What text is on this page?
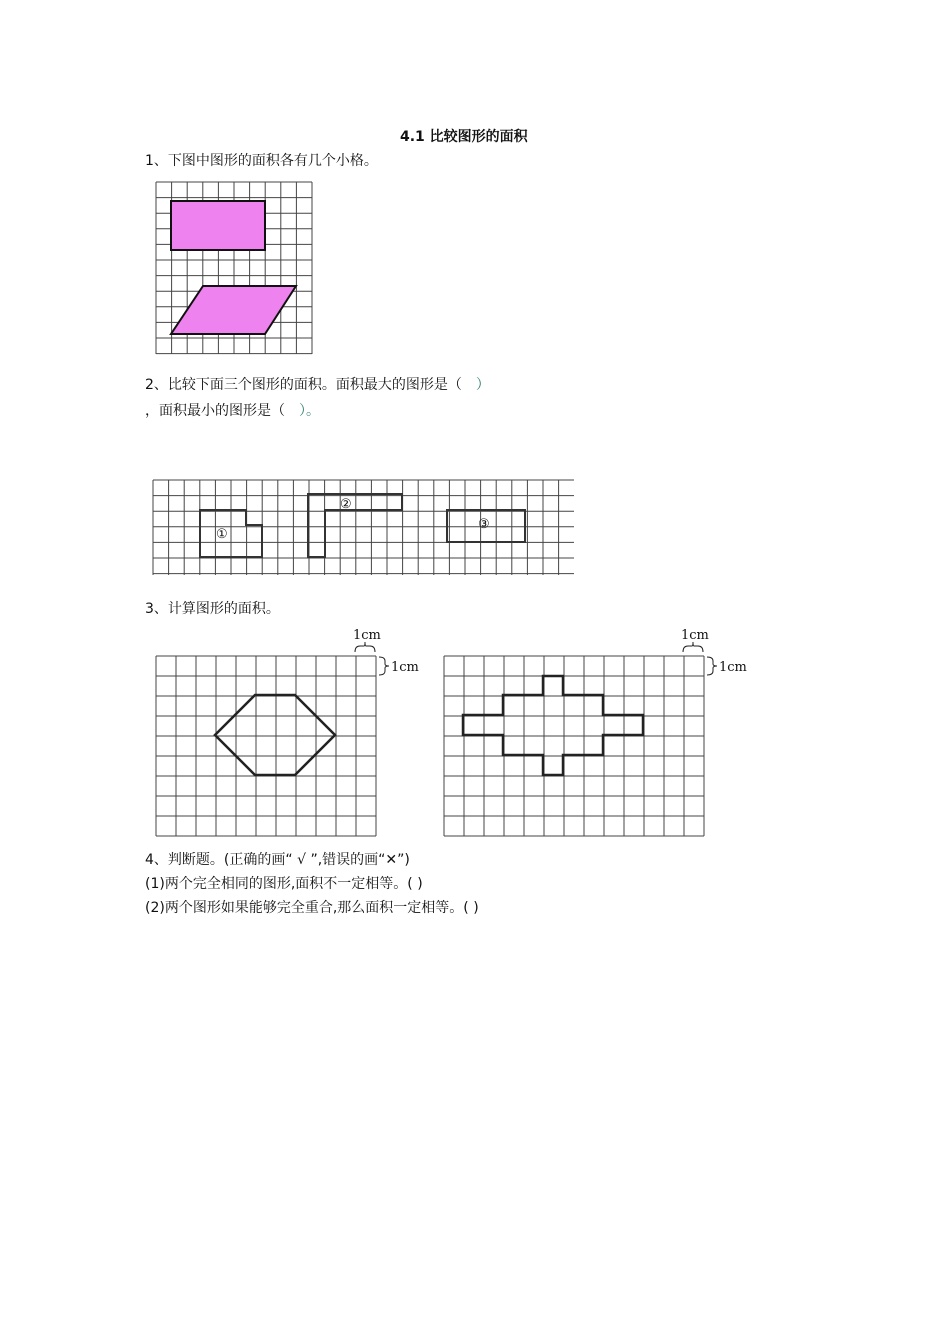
4.1 比较图形的面积
1、下图中图形的面积各有几个小格。
2、比较下面三个图形的面积。面积最大的图形是（ ）
，面积最小的图形是（ ）。
①
②
③
3、计算图形的面积。
1cm
1cm
1cm
1cm
4、判断题。(正确的画“ √ ”,错误的画“✕”)
(1)两个完全相同的图形,面积不一定相等。( )
(2)两个图形如果能够完全重合,那么面积一定相等。( )
